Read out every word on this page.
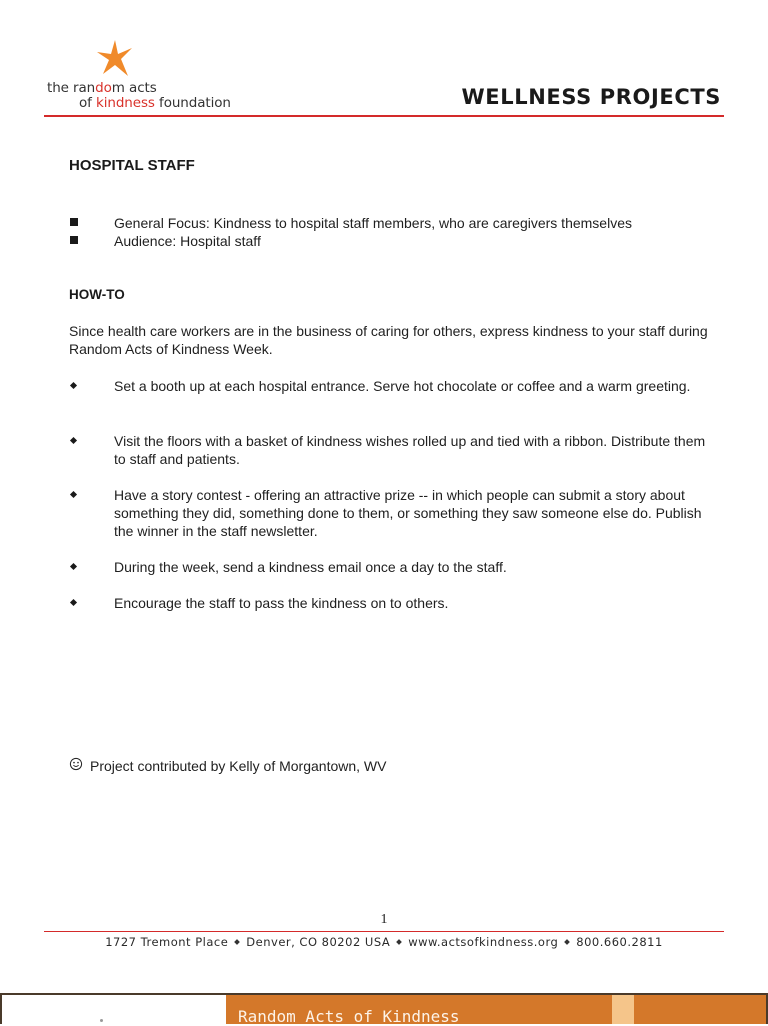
the random acts
of kindness foundation	WELLNESS PROJECTS
HOSPITAL STAFF
General Focus: Kindness to hospital staff members, who are caregivers themselves
Audience: Hospital staff
HOW-TO
Since health care workers are in the business of caring for others, express kindness to your staff during Random Acts of Kindness Week.
Set a booth up at each hospital entrance. Serve hot chocolate or coffee and a warm greeting.
Visit the floors with a basket of kindness wishes rolled up and tied with a ribbon. Distribute them to staff and patients.
Have a story contest - offering an attractive prize -- in which people can submit a story about something they did, something done to them, or something they saw someone else do. Publish the winner in the staff newsletter.
During the week, send a kindness email once a day to the staff.
Encourage the staff to pass the kindness on to others.
Project contributed by Kelly of Morgantown, WV
1
1727 Tremont Place Denver, CO 80202 USA www.actsofkindness.org 800.660.2811
Random Acts of Kindness
